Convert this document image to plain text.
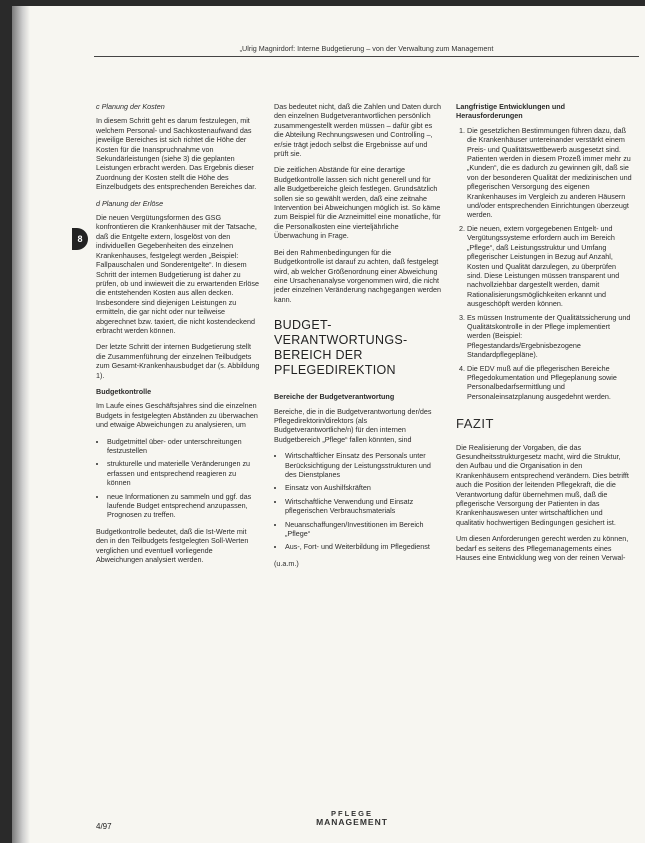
8
„Ulrig Magnirdorf: Interne Budgetierung – von der Verwaltung zum Management

c Planung der Kosten

In diesem Schritt geht es darum festzulegen, mit welchem Personal- und Sachkostenaufwand das jeweilige Bereiches ist sich richtet die Höhe der Kosten für die Inanspruchnahme von Sekundärleistungen (siehe 3) die geplanten Leistungen erbracht werden. Das Ergebnis dieser Zuordnung der Kosten stellt die Höhe des Einzelbudgets des entsprechenden Bereiches dar.

d Planung der Erlöse

Die neuen Vergütungsformen des GSG konfrontieren die Krankenhäuser mit der Tatsache, daß die Entgelte extern, losgelöst von den individuellen Gegebenheiten des einzelnen Krankenhauses, festgelegt werden „Beispiel: Fallpauschalen und Sonderentgelte“. In diesem Schritt der internen Budgetierung ist daher zu prüfen, ob und inwieweit die zu erwartenden Erlöse die entstehenden Kosten aus allen decken. Insbesondere sind diejenigen Leistungen zu ermitteln, die gar nicht oder nur teilweise abgerechnet bzw. taxiert, die nicht kostendeckend erbracht werden können.

Der letzte Schritt der internen Budgetierung stellt die Zusammenführung der einzelnen Teilbudgets zum Gesamt-Krankenhausbudget dar (s. Abbildung 1).

Budgetkontrolle

Im Laufe eines Geschäftsjahres sind die einzelnen Budgets in festgelegten Abständen zu überwachen und etwaige Abweichungen zu analysieren, um

• Budgetmittel über- oder unterschreitungen festzustellen
• strukturelle und materielle Veränderungen zu erfassen und entsprechend reagieren zu können
• neue Informationen zu sammeln und ggf. das laufende Budget entsprechend anzupassen, Prognosen zu treffen.

Budgetkontrolle bedeutet, daß die Ist-Werte mit den in den Teilbudgets festgelegten Soll-Werten verglichen und eventuell vorliegende Abweichungen analysiert werden.

Das bedeutet nicht, daß die Zahlen und Daten durch den einzelnen Budgetverantwortlichen persönlich zusammengestellt werden müssen – dafür gibt es die Abteilung Rechnungswesen und Controlling –, er/sie trägt jedoch selbst die Ergebnisse auf und prüft sie.

Die zeitlichen Abstände für eine derartige Budgetkontrolle lassen sich nicht generell und für alle Budgetbereiche gleich festlegen. Grundsätzlich sollen sie so gewählt werden, daß eine zeitnahe Intervention bei Abweichungen möglich ist. So käme zum Beispiel für die Arzneimittel eine monatliche, für die Personalkosten eine vierteljährliche Überwachung in Frage.

Bei den Rahmenbedingungen für die Budgetkontrolle ist darauf zu achten, daß festgelegt wird, ab welcher Größenordnung einer Abweichung eine Ursachenanalyse vorgenommen wird, die nicht jeder einzelnen Veränderung nachgegangen werden kann.

BUDGET-VERANTWORTUNGS-BEREICH DER PFLEGEDIREKTION

Bereiche der Budgetverantwortung

Bereiche, die in die Budgetverantwortung der/des Pflegedirektorin/direktors (als Budgetverantwortliche/n) für den internen Budgetbereich „Pflege“ fallen könnten, sind

• Wirtschaftlicher Einsatz des Personals unter Berücksichtigung der Leistungsstrukturen und des Dienstplanes
• Einsatz von Aushilfskräften
• Wirtschaftliche Verwendung und Einsatz pflegerischen Verbrauchsmaterials
• Neuanschaffungen/Investitionen im Bereich „Pflege“
• Aus-, Fort- und Weiterbildung im Pflegedienst

(u.a.m.)

Langfristige Entwicklungen und Herausforderungen

1. Die gesetzlichen Bestimmungen führen dazu, daß die Krankenhäuser untereinander verstärkt einem Preis- und Qualitätswettbewerb ausgesetzt sind. Patienten werden in diesem Prozeß immer mehr zu „Kunden“, die es dadurch zu gewinnen gilt, daß sie von der besonderen Qualität der medizinischen und pflegerischen Versorgung des eigenen Krankenhauses im Vergleich zu anderen Häusern und/oder entsprechenden Einrichtungen überzeugt werden.
2. Die neuen, extern vorgegebenen Entgelt- und Vergütungssysteme erfordern auch im Bereich „Pflege“, daß Leistungsstruktur und Umfang pflegerischer Leistungen in Bezug auf Anzahl, Kosten und Qualität darzulegen, zu überprüfen sind. Diese Leistungen müssen transparent und nachvollziehbar dargestellt werden, damit Rationalisierungsmöglichkeiten erkannt und ausgeschöpft werden können.
3. Es müssen Instrumente der Qualitätssicherung und Qualitätskontrolle in der Pflege implementiert werden (Beispiel: Pflegestandards/Ergebnisbezogene Standardpflegepläne).
4. Die EDV muß auf die pflegerischen Bereiche Pflegedokumentation und Pflegeplanung sowie Personalbedarfsermittlung und Personaleinsatzplanung ausgedehnt werden.
FAZIT

Die Realisierung der Vorgaben, die das Gesundheitsstrukturgesetz macht, wird die Struktur, den Aufbau und die Organisation in den Krankenhäusern entsprechend verändern. Dies betrifft auch die Position der leitenden Pflegekraft, die die Verantwortung dafür übernehmen muß, daß die pflegerische Versorgung der Patienten in das Krankenhauswesen unter wirtschaftlichen und qualitativ hochwertigen Bedingungen gesichert ist.

Um diesen Anforderungen gerecht werden zu können, bedarf es seitens des Pflegemanagements eines Hauses eine Entwicklung weg von der reinen Verwal-

4/97
PFLEGE
MANAGEMENT
